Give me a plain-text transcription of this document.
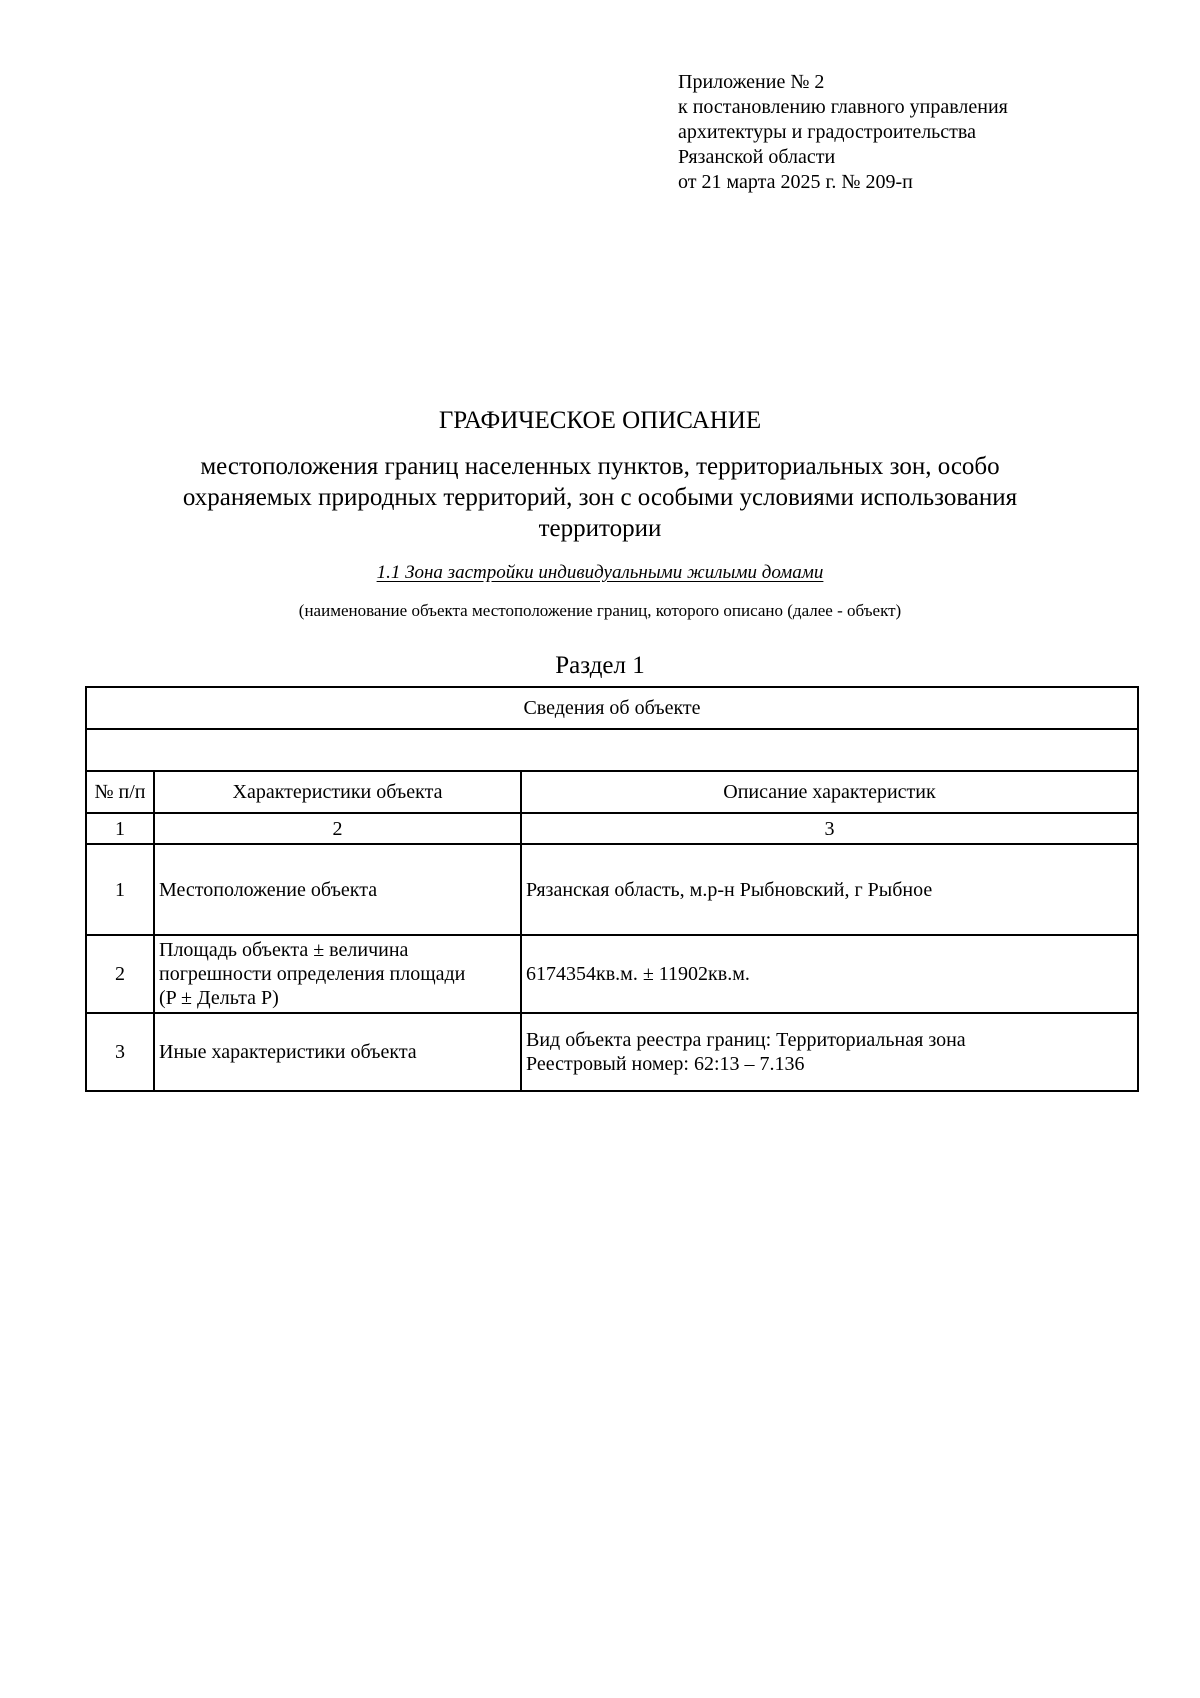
Приложение № 2
к постановлению главного управления
архитектуры и градостроительства
Рязанской области
от 21 марта 2025 г. № 209-п
ГРАФИЧЕСКОЕ ОПИСАНИЕ
местоположения границ населенных пунктов, территориальных зон, особо
охраняемых природных территорий, зон с особыми условиями использования
территории
1.1 Зона застройки индивидуальными жилыми домами
(наименование объекта местоположение границ, которого описано (далее - объект)
Раздел 1
Сведения об объекте		

№ п/п	Характеристики объекта	Описание характеристик
1	2	3
1	Местоположение объекта	Рязанская область, м.р-н Рыбновский, г Рыбное

2	Площадь объекта ± величина
погрешности определения площади
(P ± Дельта P)	6174354кв.м. ± 11902кв.м.

3	Иные характеристики объекта	Вид объекта реестра границ: Территориальная зона
Реестровый номер: 62:13 – 7.136
